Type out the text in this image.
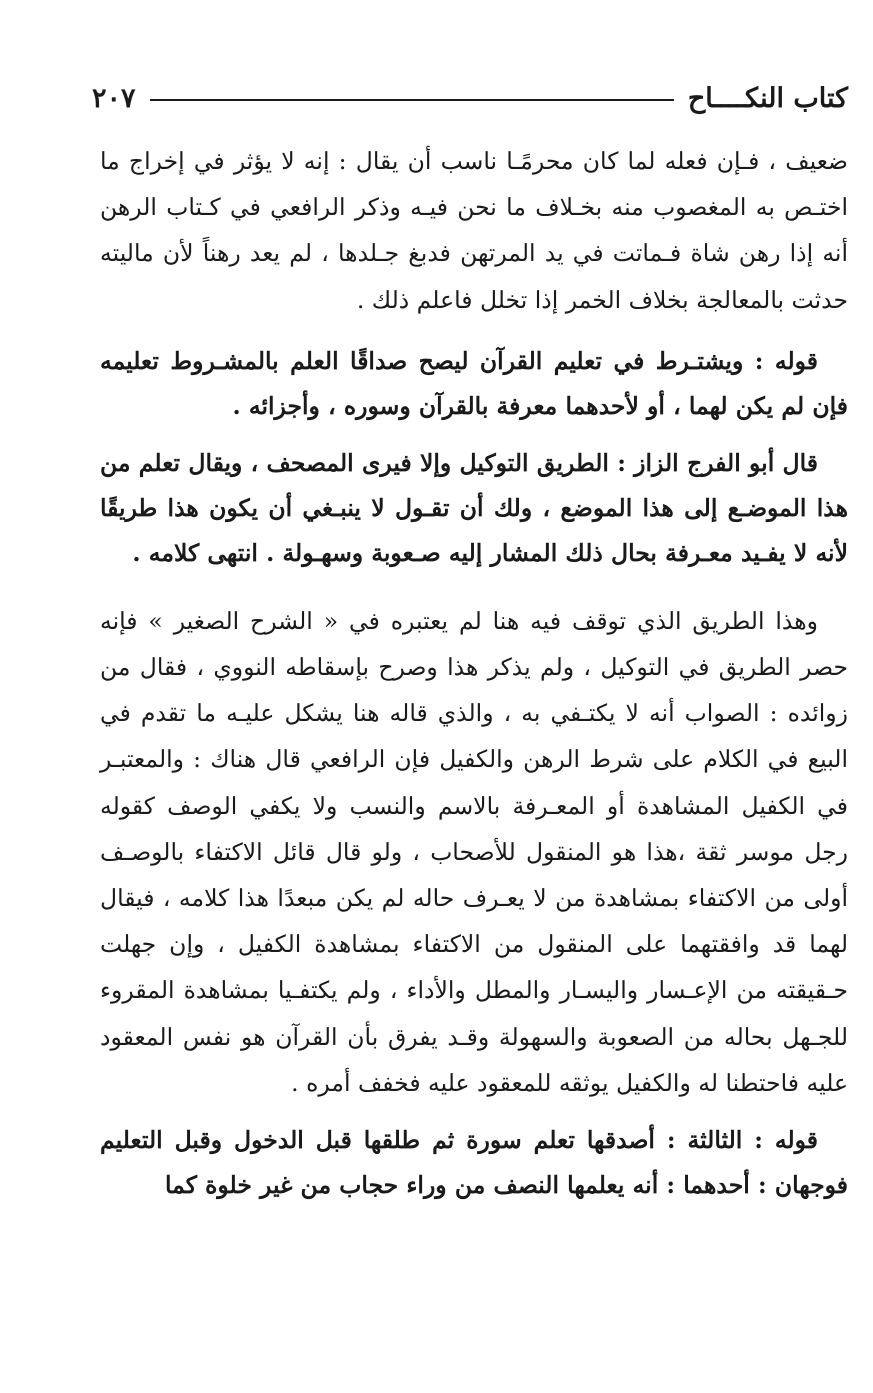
كتاب النكــــاح
٢٠٧

ضعيف ، فـإن فعله لما كان محرمًـا ناسب أن يقال : إنه لا يؤثر في إخراج ما اختـص به المغصوب منه بخـلاف ما نحن فيـه وذكر الرافعي في كـتاب الرهن أنه إذا رهن شاة فـماتت في يد المرتهن فدبغ جـلدها ، لم يعد رهناً لأن ماليته حدثت بالمعالجة بخلاف الخمر إذا تخلل فاعلم ذلك .

قوله : ويشتـرط في تعليم القرآن ليصح صداقًا العلم بالمشـروط تعليمه فإن لم يكن لهما ، أو لأحدهما معرفة بالقرآن وسوره ، وأجزائه .

قال أبو الفرج الزاز : الطريق التوكيل وإلا فيرى المصحف ، ويقال تعلم من هذا الموضـع إلى هذا الموضع ، ولك أن تقـول لا ينبـغي أن يكون هذا طريقًا لأنه لا يفـيد معـرفة بحال ذلك المشار إليه صـعوبة وسهـولة . انتهى كلامه .

وهذا الطريق الذي توقف فيه هنا لم يعتبره في « الشرح الصغير » فإنه حصر الطريق في التوكيل ، ولم يذكر هذا وصرح بإسقاطه النووي ، فقال من زوائده : الصواب أنه لا يكتـفي به ، والذي قاله هنا يشكل عليـه ما تقدم في البيع في الكلام على شرط الرهن والكفيل فإن الرافعي قال هناك : والمعتبـر في الكفيل المشاهدة أو المعـرفة بالاسم والنسب ولا يكفي الوصف كقوله رجل موسر ثقة ،هذا هو المنقول للأصحاب ، ولو قال قائل الاكتفاء بالوصـف أولى من الاكتفاء بمشاهدة من لا يعـرف حاله لم يكن مبعدًا هذا كلامه ، فيقال لهما قد وافقتهما على المنقول من الاكتفاء بمشاهدة الكفيل ، وإن جهلت حـقيقته من الإعـسار واليسـار والمطل والأداء ، ولم يكتفـيا بمشاهدة المقروء للجـهل بحاله من الصعوبة والسهولة وقـد يفرق بأن القرآن هو نفس المعقود عليه فاحتطنا له والكفيل يوثقه للمعقود عليه فخفف أمره .

قوله : الثالثة : أصدقها تعلم سورة ثم طلقها قبل الدخول وقبل التعليم فوجهان : أحدهما : أنه يعلمها النصف من وراء حجاب من غير خلوة كما
